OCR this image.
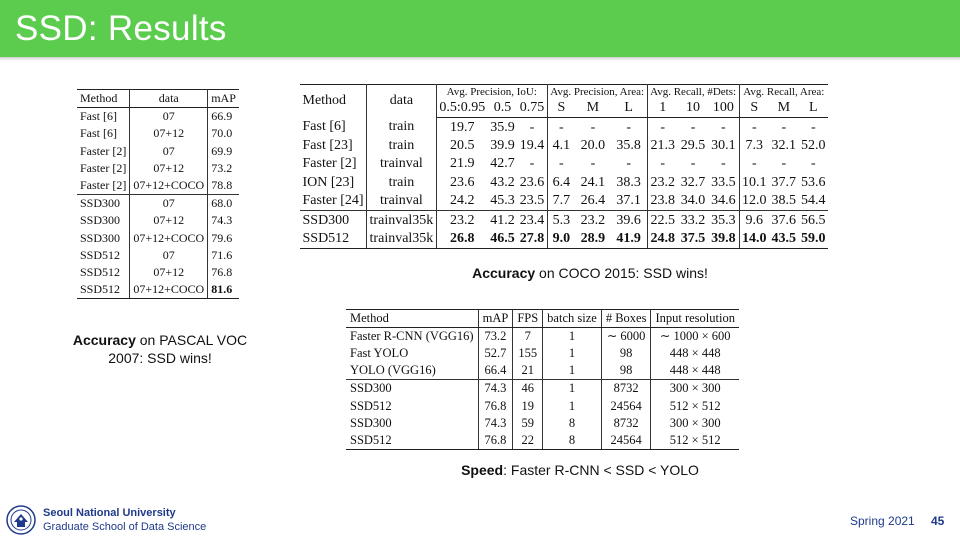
SSD: Results
Method	data	mAP
Fast [6]	07	66.9
Fast [6]	07+12	70.0
Faster [2]	07	69.9
Faster [2]	07+12	73.2
Faster [2]	07+12+COCO	78.8
SSD300	07	68.0
SSD300	07+12	74.3
SSD300	07+12+COCO	79.6
SSD512	07	71.6
SSD512	07+12	76.8
SSD512	07+12+COCO	81.6
Accuracy on PASCAL VOC 2007: SSD wins!
Method	data	Avg. Precision, IoU:			Avg. Precision, Area:			Avg. Recall, #Dets:			Avg. Recall, Area:		
		0.5:0.95	0.5	0.75	S	M	L	1	10	100	S	M	L
Fast [6]	train	19.7	35.9	-	-	-	-	-	-	-	-	-	-
Fast [23]	train	20.5	39.9	19.4	4.1	20.0	35.8	21.3	29.5	30.1	7.3	32.1	52.0
Faster [2]	trainval	21.9	42.7	-	-	-	-	-	-	-	-	-	-
ION [23]	train	23.6	43.2	23.6	6.4	24.1	38.3	23.2	32.7	33.5	10.1	37.7	53.6
Faster [24]	trainval	24.2	45.3	23.5	7.7	26.4	37.1	23.8	34.0	34.6	12.0	38.5	54.4
SSD300	trainval35k	23.2	41.2	23.4	5.3	23.2	39.6	22.5	33.2	35.3	9.6	37.6	56.5
SSD512	trainval35k	26.8	46.5	27.8	9.0	28.9	41.9	24.8	37.5	39.8	14.0	43.5	59.0
Accuracy on COCO 2015: SSD wins!
Method	mAP	FPS	batch size	# Boxes	Input resolution
Faster R-CNN (VGG16)	73.2	7	1	∼ 6000	∼ 1000 × 600
Fast YOLO	52.7	155	1	98	448 × 448
YOLO (VGG16)	66.4	21	1	98	448 × 448
SSD300	74.3	46	1	8732	300 × 300
SSD512	76.8	19	1	24564	512 × 512
SSD300	74.3	59	8	8732	300 × 300
SSD512	76.8	22	8	24564	512 × 512
Speed: Faster R-CNN < SSD < YOLO
Seoul National University
Graduate School of Data Science	Spring 2021 45
